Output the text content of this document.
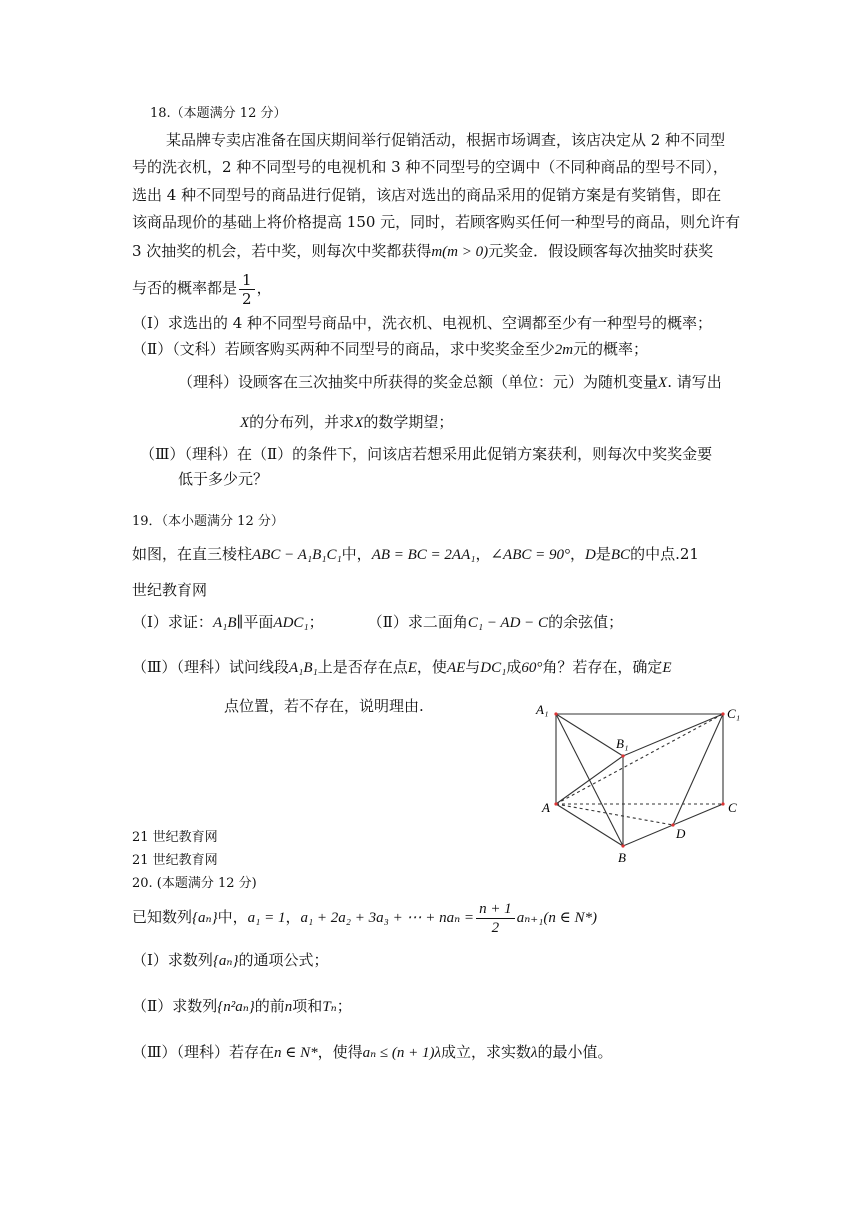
18.（本题满分 12 分）
某品牌专卖店准备在国庆期间举行促销活动，根据市场调查，该店决定从 2 种不同型
号的洗衣机，2 种不同型号的电视机和 3 种不同型号的空调中（不同种商品的型号不同），
选出 4 种不同型号的商品进行促销，该店对选出的商品采用的促销方案是有奖销售，即在
该商品现价的基础上将价格提高 150 元，同时，若顾客购买任何一种型号的商品，则允许有
3 次抽奖的机会，若中奖，则每次中奖都获得m(m > 0)元奖金．假设顾客每次抽奖时获奖
与否的概率都是 $\frac{1}{2}$ ，
（Ⅰ）求选出的 4 种不同型号商品中，洗衣机、电视机、空调都至少有一种型号的概率；
（Ⅱ）（文科）若顾客购买两种不同型号的商品，求中奖奖金至少2m元的概率；
（理科）设顾客在三次抽奖中所获得的奖金总额（单位：元）为随机变量X. 请写出
X的分布列，并求X的数学期望；
（Ⅲ）（理科）在（Ⅱ）的条件下，问该店若想采用此促销方案获利，则每次中奖奖金要
低于多少元？
19．（本小题满分 12 分）
如图，在直三棱柱ABC − A₁B₁C₁中，AB = BC = 2AA₁，∠ABC = 90°，D是BC的中点.21
世纪教育网
（Ⅰ）求证：A₁B∥平面ADC₁；	（Ⅱ）求二面角C₁ − AD − C的余弦值；
（Ⅲ）（理科）试问线段A₁B₁上是否存在点E，使AE与DC₁成60°角？若存在，确定E
点位置，若不存在，说明理由.	A₁	C₁
B₁
A	C
D
B
21 世纪教育网
21 世纪教育网
20. (本题满分 12 分)
已知数列{aₙ}中，a₁ = 1，a₁ + 2a₂ + 3a₃ + ⋯ + $na_n = \frac{n + 1}{2} a_{n+1}(n$ ∈ N*)
（Ⅰ）求数列{aₙ}的通项公式；
（Ⅱ）求数列{n²aₙ}的前n项和Tₙ；
（Ⅲ）（理科）若存在n ∈ N*，使得aₙ ≤ (n + 1)λ成立，求实数λ的最小值。
